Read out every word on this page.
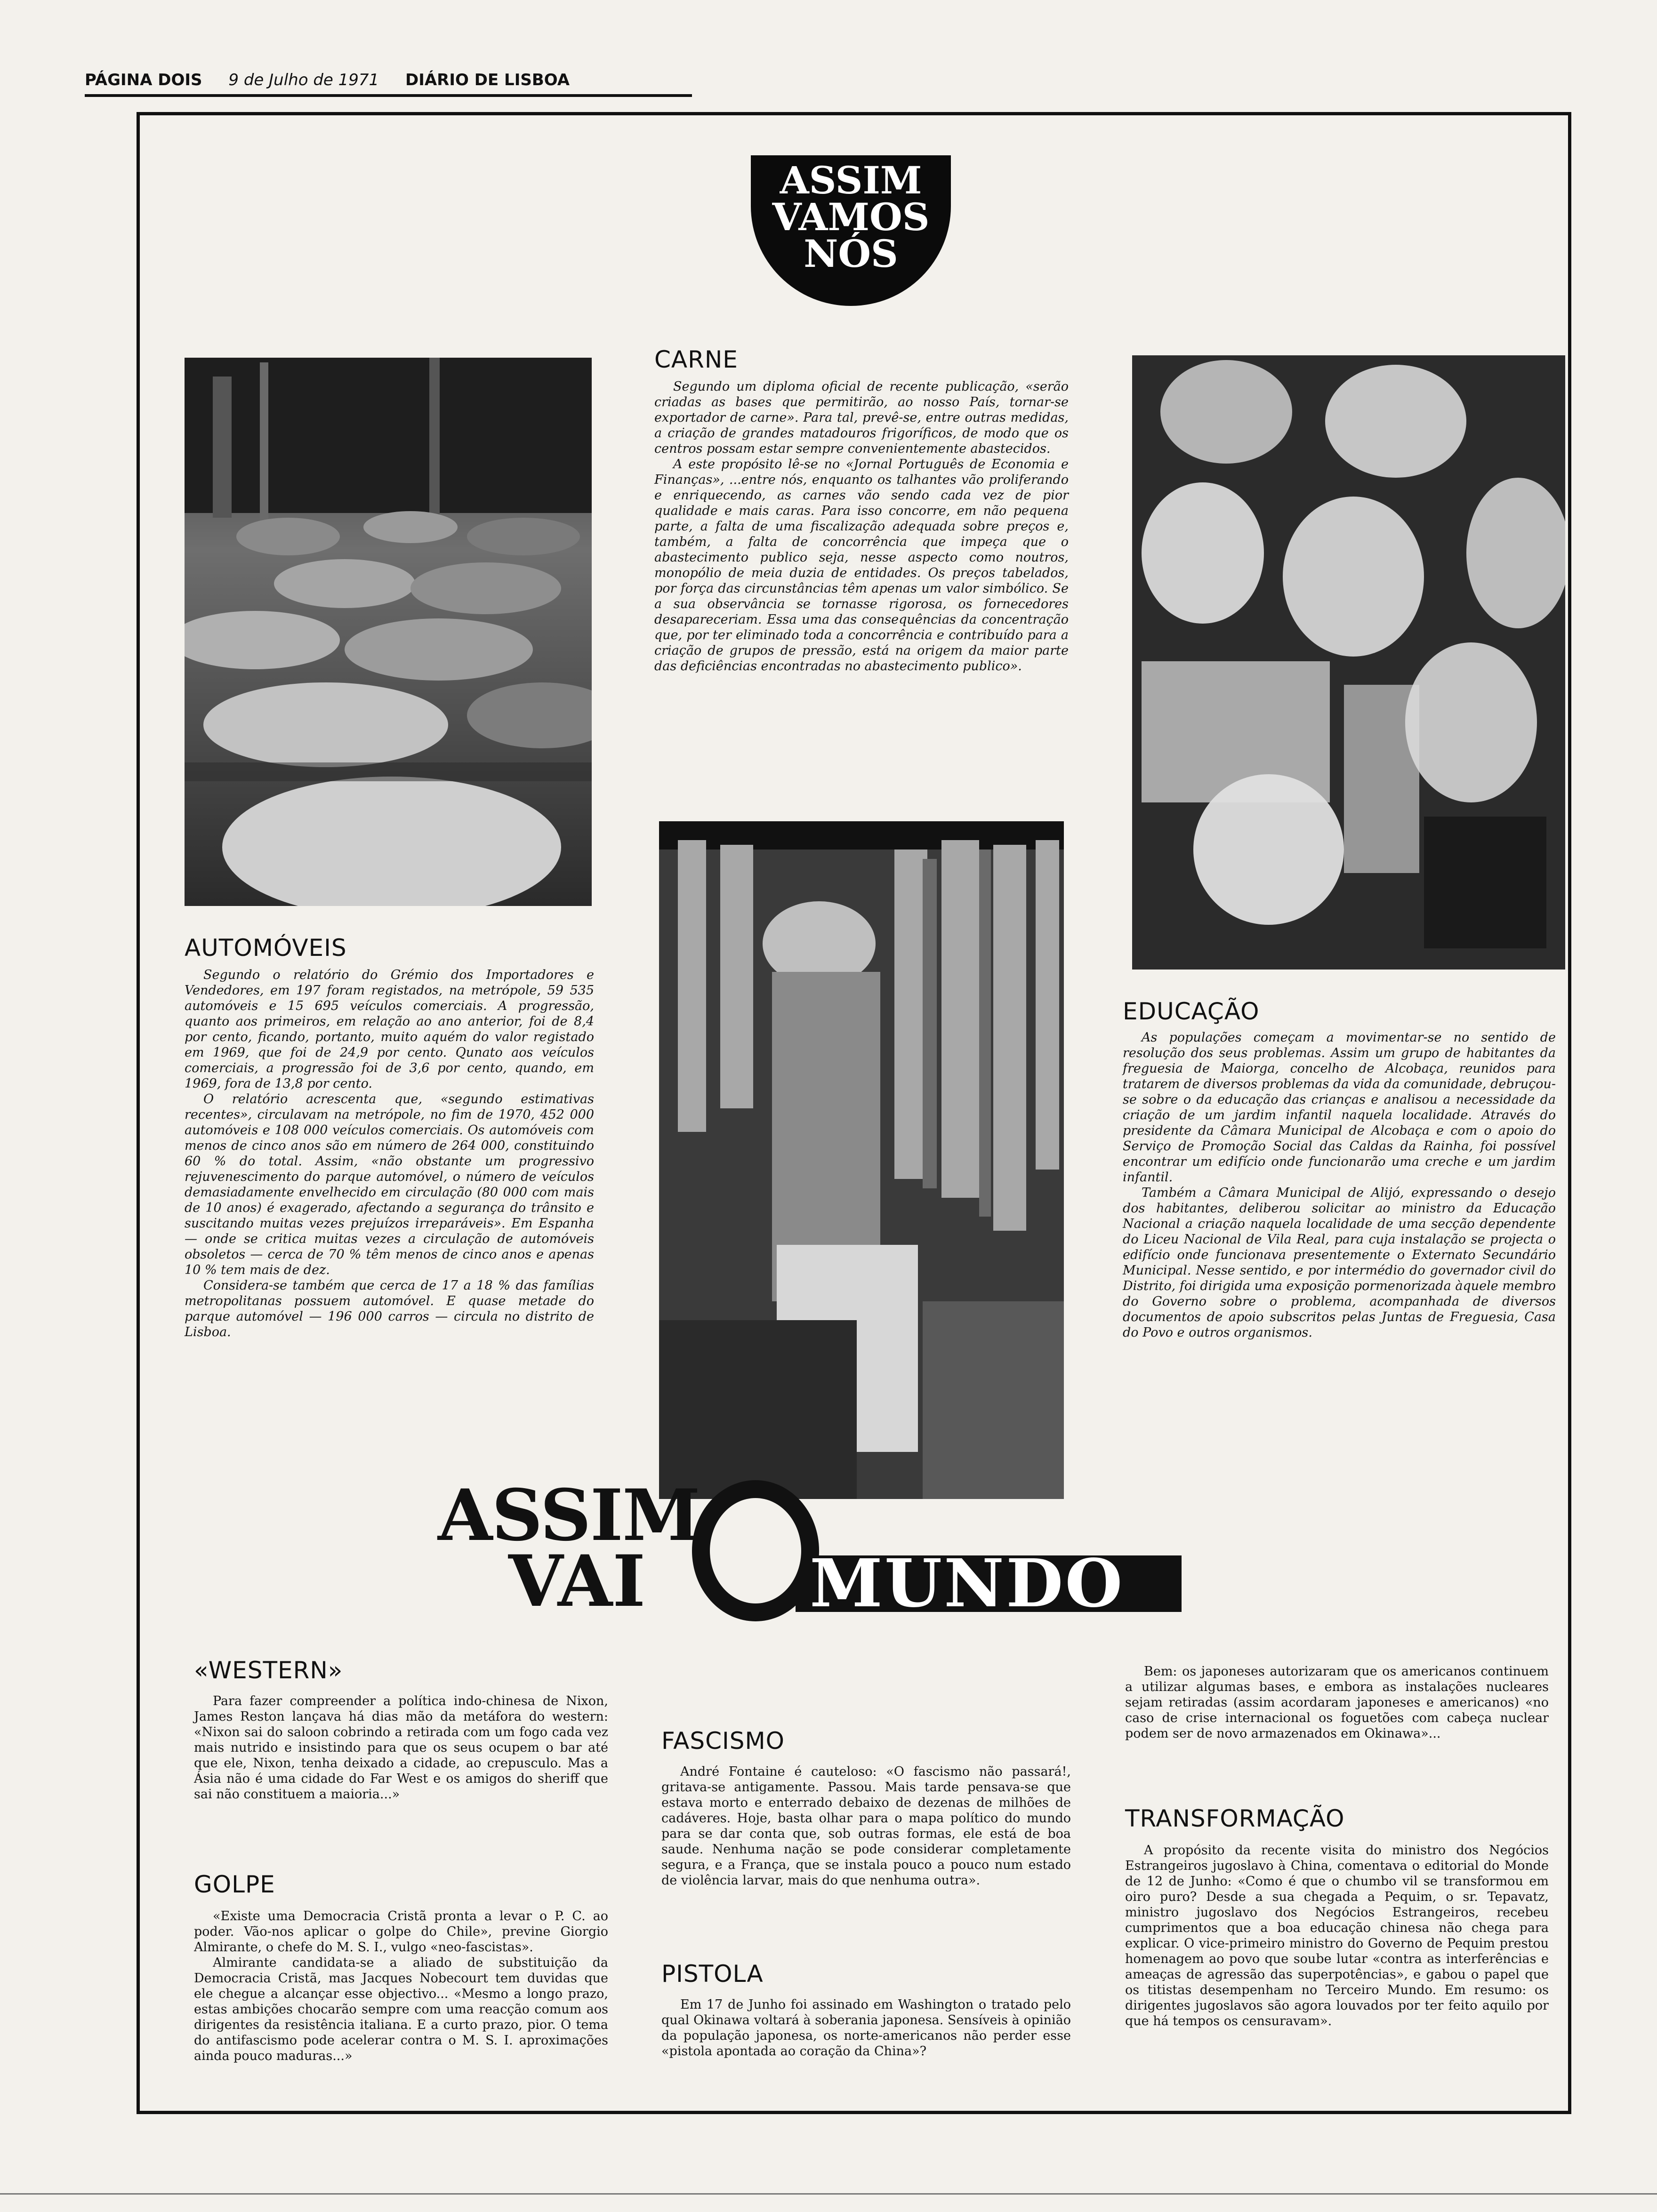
PÁGINA DOIS 9 de Julho de 1971 DIÁRIO DE LISBOA
ASSIM
VAMOS
NÓS
CARNE

Segundo um diploma oficial de recente publicação, «serão criadas as bases que permitirão, ao nosso País, tornar-se exportador de carne». Para tal, prevê-se, entre outras medidas, a criação de grandes matadouros frigoríficos, de modo que os centros possam estar sempre convenientemente abastecidos.

A este propósito lê-se no «Jornal Português de Economia e Finanças», ...entre nós, enquanto os talhantes vão proliferando e enriquecendo, as carnes vão sendo cada vez de pior qualidade e mais caras. Para isso concorre, em não pequena parte, a falta de uma fiscalização adequada sobre preços e, também, a falta de concorrência que impeça que o abastecimento publico seja, nesse aspecto como noutros, monopólio de meia duzia de entidades. Os preços tabelados, por força das circunstâncias têm apenas um valor simbólico. Se a sua observância se tornasse rigorosa, os fornecedores desapareceriam. Essa uma das consequências da concentração que, por ter eliminado toda a concorrência e contribuído para a criação de grupos de pressão, está na origem da maior parte das deficiências encontradas no abastecimento publico».

AUTOMÓVEIS

Segundo o relatório do Grémio dos Importadores e Vendedores, em 197 foram registados, na metrópole, 59 535 automóveis e 15 695 veículos comerciais. A progressão, quanto aos primeiros, em relação ao ano anterior, foi de 8,4 por cento, ficando, portanto, muito aquém do valor registado em 1969, que foi de 24,9 por cento. Qunato aos veículos comerciais, a progressão foi de 3,6 por cento, quando, em 1969, fora de 13,8 por cento.

O relatório acrescenta que, «segundo estimativas recentes», circulavam na metrópole, no fim de 1970, 452 000 automóveis e 108 000 veículos comerciais. Os automóveis com menos de cinco anos são em número de 264 000, constituindo 60 % do total. Assim, «não obstante um progressivo rejuvenescimento do parque automóvel, o número de veículos demasiadamente envelhecido em circulação (80 000 com mais de 10 anos) é exagerado, afectando a segurança do trânsito e suscitando muitas vezes prejuízos irreparáveis». Em Espanha — onde se critica muitas vezes a circulação de automóveis obsoletos — cerca de 70 % têm menos de cinco anos e apenas 10 % tem mais de dez.

Considera-se também que cerca de 17 a 18 % das famílias metropolitanas possuem automóvel. E quase metade do parque automóvel — 196 000 carros — circula no distrito de Lisboa.

EDUCAÇÃO

As populações começam a movimentar-se no sentido de resolução dos seus problemas. Assim um grupo de habitantes da freguesia de Maiorga, concelho de Alcobaça, reunidos para tratarem de diversos problemas da vida da comunidade, debruçou-se sobre o da educação das crianças e analisou a necessidade da criação de um jardim infantil naquela localidade. Através do presidente da Câmara Municipal de Alcobaça e com o apoio do Serviço de Promoção Social das Caldas da Rainha, foi possível encontrar um edifício onde funcionarão uma creche e um jardim infantil.

Também a Câmara Municipal de Alijó, expressando o desejo dos habitantes, deliberou solicitar ao ministro da Educação Nacional a criação naquela localidade de uma secção dependente do Liceu Nacional de Vila Real, para cuja instalação se projecta o edifício onde funcionava presentemente o Externato Secundário Municipal. Nesse sentido, e por intermédio do governador civil do Distrito, foi dirigida uma exposição pormenorizada àquele membro do Governo sobre o problema, acompanhada de diversos documentos de apoio subscritos pelas Juntas de Freguesia, Casa do Povo e outros organismos.

ASSIM
VAI MUNDO
«WESTERN»

Para fazer compreender a política indo-chinesa de Nixon, James Reston lançava há dias mão da metáfora do western: «Nixon sai do saloon cobrindo a retirada com um fogo cada vez mais nutrido e insistindo para que os seus ocupem o bar até que ele, Nixon, tenha deixado a cidade, ao crepusculo. Mas a Ásia não é uma cidade do Far West e os amigos do sheriff que sai não constituem a maioria...»

GOLPE

«Existe uma Democracia Cristã pronta a levar o P. C. ao poder. Vão-nos aplicar o golpe do Chile», previne Giorgio Almirante, o chefe do M. S. I., vulgo «neo-fascistas».

Almirante candidata-se a aliado de substituição da Democracia Cristã, mas Jacques Nobecourt tem duvidas que ele chegue a alcançar esse objectivo... «Mesmo a longo prazo, estas ambições chocarão sempre com uma reacção comum aos dirigentes da resistência italiana. E a curto prazo, pior. O tema do antifascismo pode acelerar contra o M. S. I. aproximações ainda pouco maduras...»

FASCISMO

André Fontaine é cauteloso: «O fascismo não passará!, gritava-se antigamente. Passou. Mais tarde pensava-se que estava morto e enterrado debaixo de dezenas de milhões de cadáveres. Hoje, basta olhar para o mapa político do mundo para se dar conta que, sob outras formas, ele está de boa saude. Nenhuma nação se pode considerar completamente segura, e a França, que se instala pouco a pouco num estado de violência larvar, mais do que nenhuma outra».

PISTOLA

Em 17 de Junho foi assinado em Washington o tratado pelo qual Okinawa voltará à soberania japonesa. Sensíveis à opinião da população japonesa, os norte-americanos não perder esse «pistola apontada ao coração da China»?

Bem: os japoneses autorizaram que os americanos continuem a utilizar algumas bases, e embora as instalações nucleares sejam retiradas (assim acordaram japoneses e americanos) «no caso de crise internacional os foguetões com cabeça nuclear podem ser de novo armazenados em Okinawa»...

TRANSFORMAÇÃO

A propósito da recente visita do ministro dos Negócios Estrangeiros jugoslavo à China, comentava o editorial do Monde de 12 de Junho: «Como é que o chumbo vil se transformou em oiro puro? Desde a sua chegada a Pequim, o sr. Tepavatz, ministro jugoslavo dos Negócios Estrangeiros, recebeu cumprimentos que a boa educação chinesa não chega para explicar. O vice-primeiro ministro do Governo de Pequim prestou homenagem ao povo que soube lutar «contra as interferências e ameaças de agressão das superpotências», e gabou o papel que os titistas desempenham no Terceiro Mundo. Em resumo: os dirigentes jugoslavos são agora louvados por ter feito aquilo por que há tempos os censuravam».
